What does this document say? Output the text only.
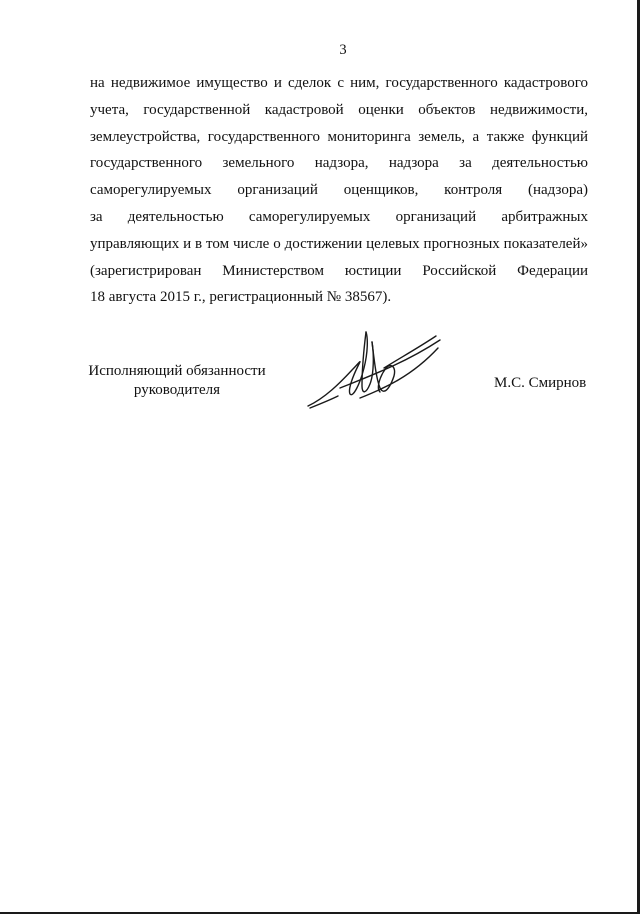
3
на недвижимое имущество и сделок с ним, государственного кадастрового
учета, государственной кадастровой оценки объектов недвижимости,
землеустройства, государственного мониторинга земель, а также функций
государственного земельного надзора, надзора за деятельностью
саморегулируемых организаций оценщиков, контроля (надзора)
за деятельностью саморегулируемых организаций арбитражных
управляющих и в том числе о достижении целевых прогнозных показателей»
(зарегистрирован Министерством юстиции Российской Федерации
18 августа 2015 г., регистрационный № 38567).
Исполняющий обязанности
руководителя	М.С. Смирнов
